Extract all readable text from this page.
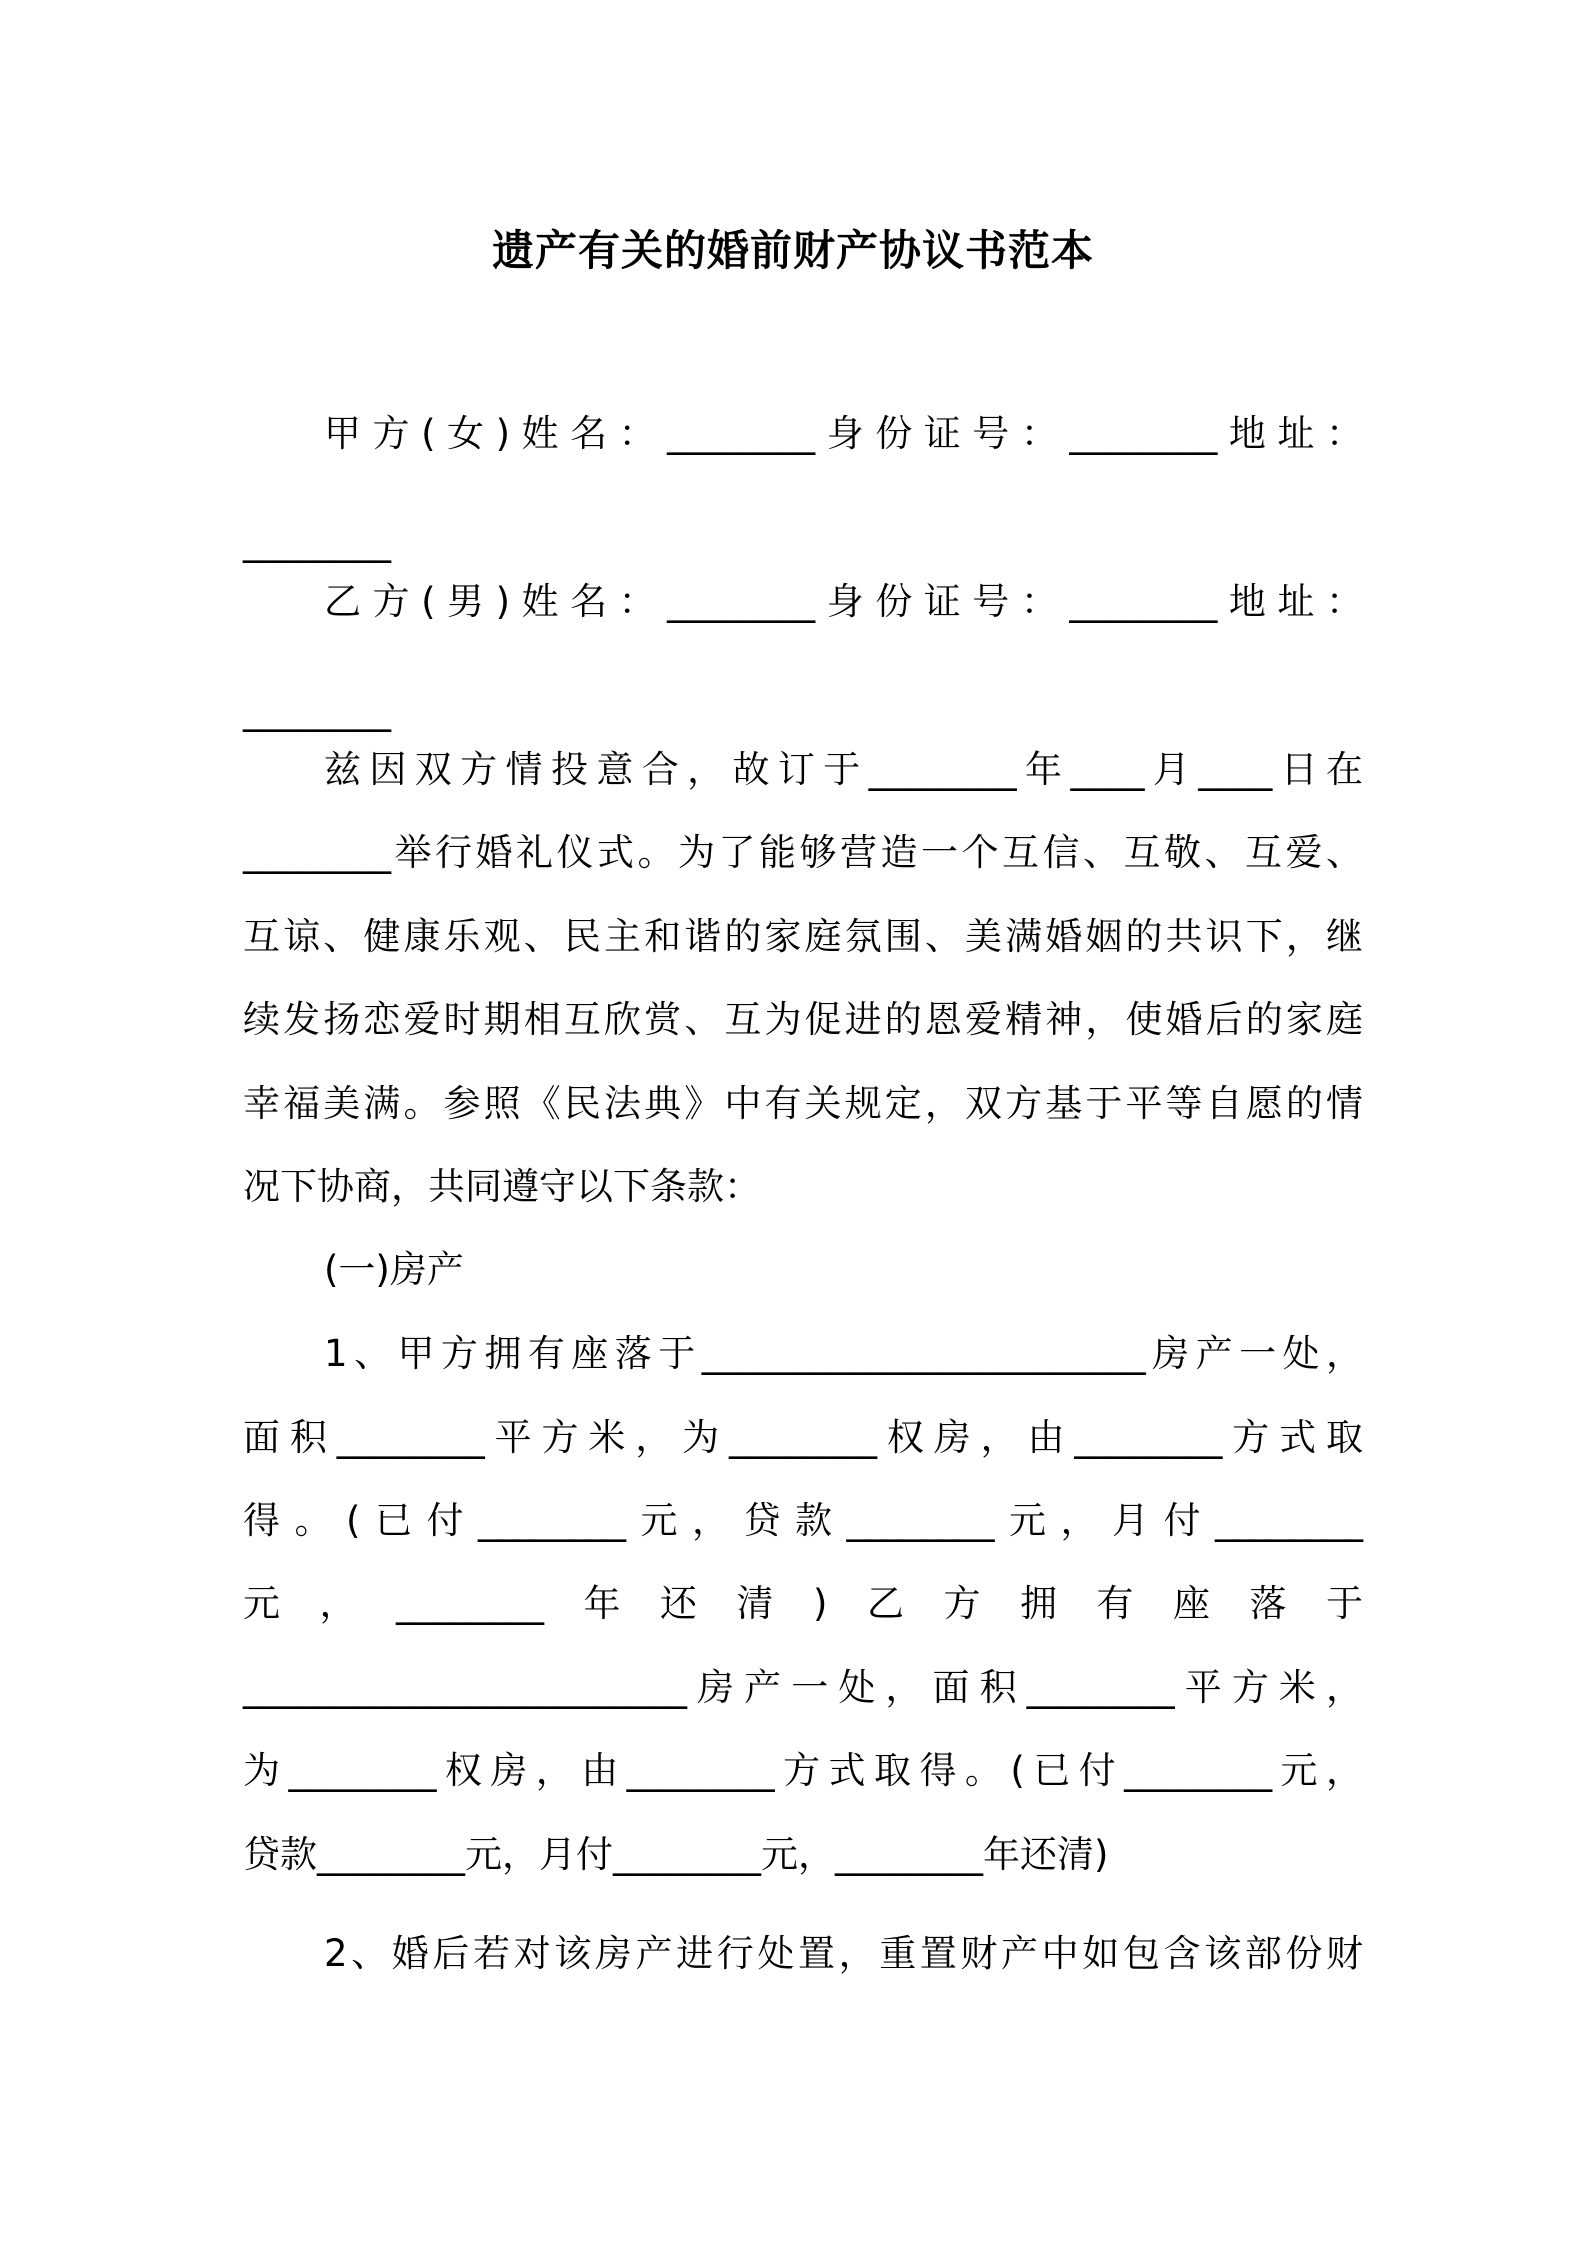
遗产有关的婚前财产协议书范本
甲方(女)姓名：________身份证号：________地址：
________
乙方(男)姓名：________身份证号：________地址：
________
兹因双方情投意合，故订于________年____月____日在
________举行婚礼仪式。为了能够营造一个互信、互敬、互爱、
互谅、健康乐观、民主和谐的家庭氛围、美满婚姻的共识下，继
续发扬恋爱时期相互欣赏、互为促进的恩爱精神，使婚后的家庭
幸福美满。参照《民法典》中有关规定，双方基于平等自愿的情
况下协商，共同遵守以下条款：
(一)房产
1、甲方拥有座落于________________________房产一处，
面积________平方米，为________权房，由________方式取
得。(已付________元，贷款________元，月付________
元，________年还清)乙方拥有座落于
________________________房产一处，面积________平方米，
为________权房，由________方式取得。(已付________元，
贷款________元，月付________元，________年还清)
2、婚后若对该房产进行处置，重置财产中如包含该部份财
